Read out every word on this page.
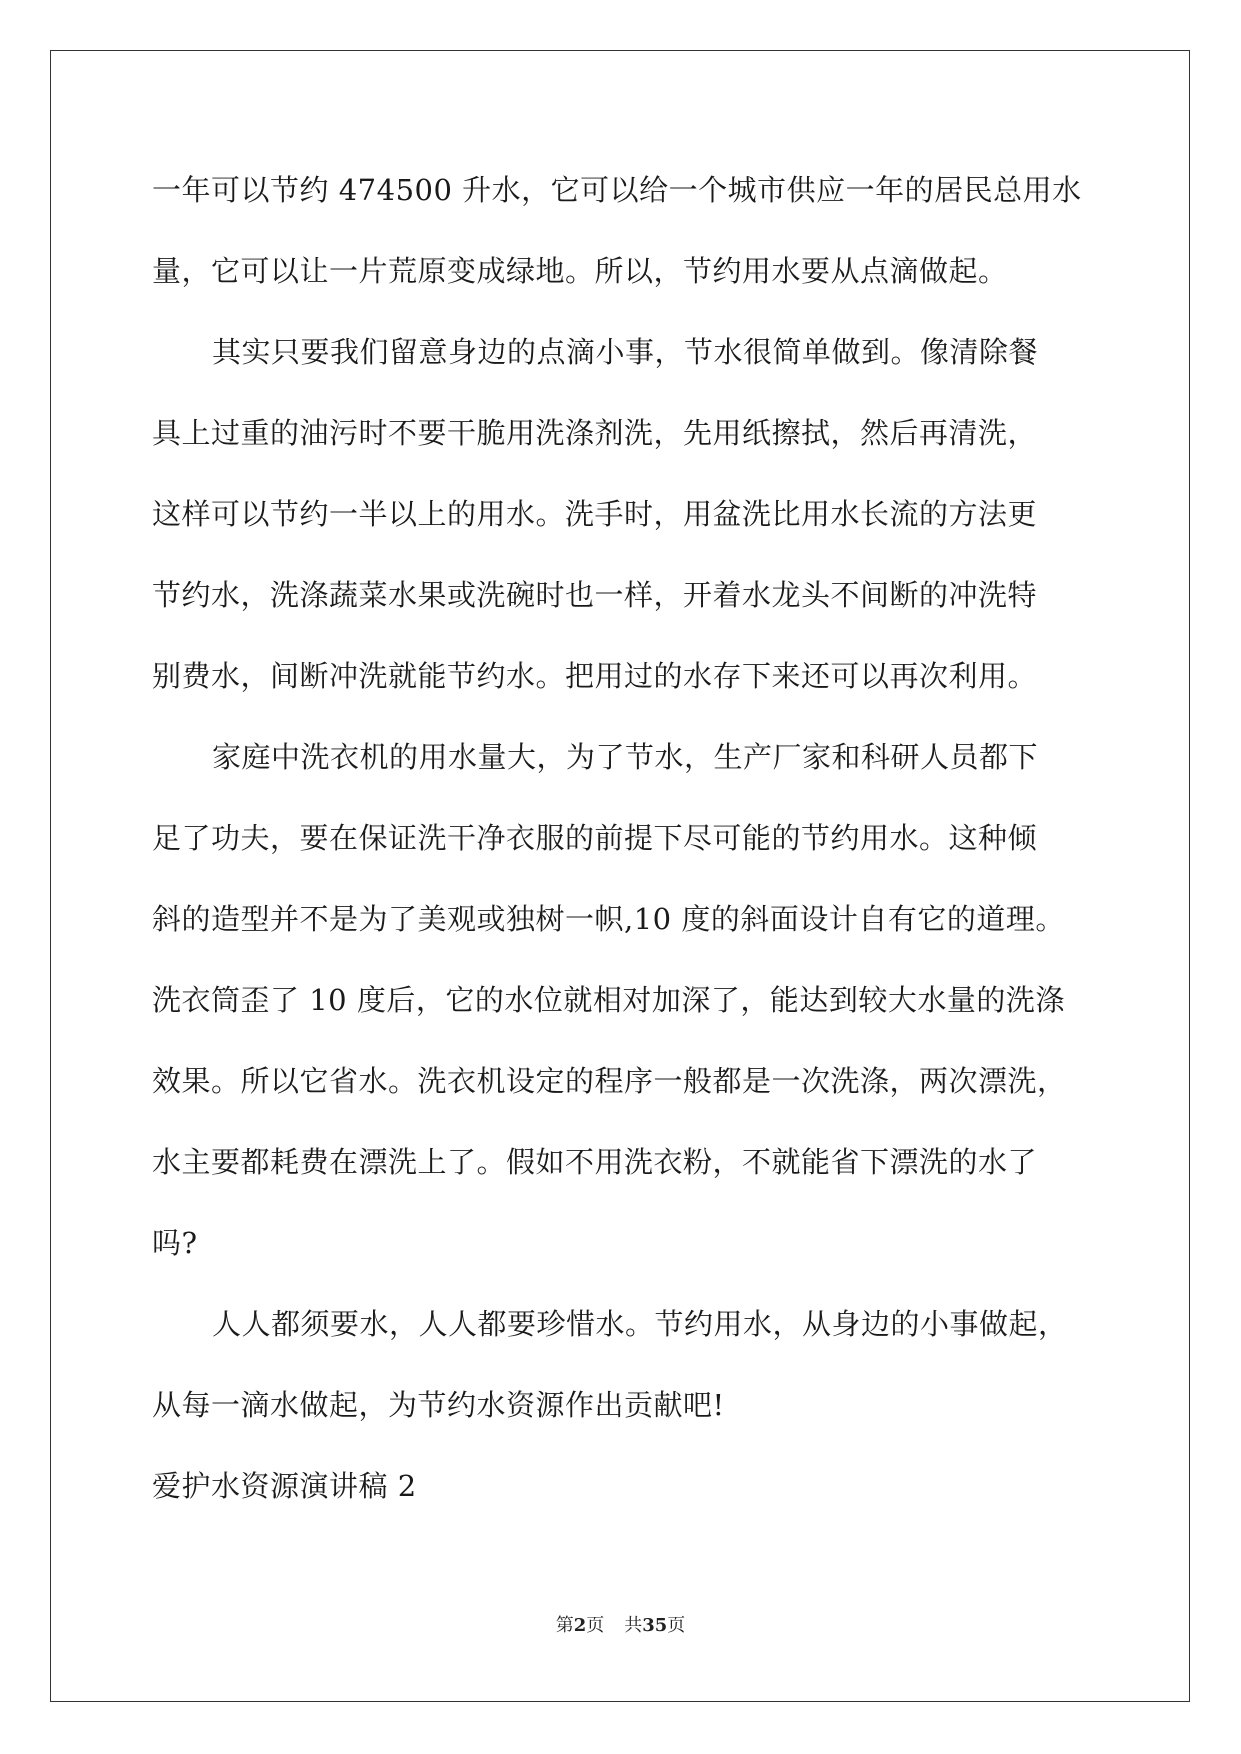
一年可以节约 474500 升水，它可以给一个城市供应一年的居民总用水
量，它可以让一片荒原变成绿地。所以，节约用水要从点滴做起。
其实只要我们留意身边的点滴小事，节水很简单做到。像清除餐
具上过重的油污时不要干脆用洗涤剂洗，先用纸擦拭，然后再清洗，
这样可以节约一半以上的用水。洗手时，用盆洗比用水长流的方法更
节约水，洗涤蔬菜水果或洗碗时也一样，开着水龙头不间断的冲洗特
别费水，间断冲洗就能节约水。把用过的水存下来还可以再次利用。
家庭中洗衣机的用水量大，为了节水，生产厂家和科研人员都下
足了功夫，要在保证洗干净衣服的前提下尽可能的节约用水。这种倾
斜的造型并不是为了美观或独树一帜,10 度的斜面设计自有它的道理。
洗衣筒歪了 10 度后，它的水位就相对加深了，能达到较大水量的洗涤
效果。所以它省水。洗衣机设定的程序一般都是一次洗涤，两次漂洗，
水主要都耗费在漂洗上了。假如不用洗衣粉，不就能省下漂洗的水了
吗?
人人都须要水，人人都要珍惜水。节约用水，从身边的小事做起，
从每一滴水做起，为节约水资源作出贡献吧!
爱护水资源演讲稿 2
第2页 共35页
